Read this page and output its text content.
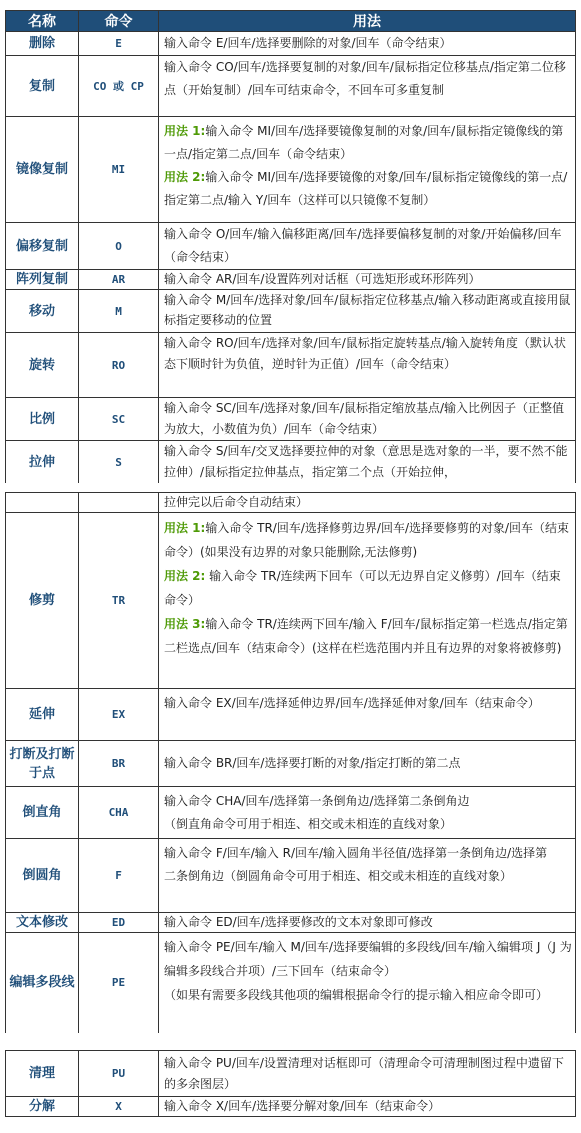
名称	命令	用法
删除	E	输入命令 E/回车/选择要删除的对象/回车（命令结束）

复制	CO 或 CP	输入命令 CO/回车/选择要复制的对象/回车/鼠标指定位移基点/指定第二位移点（开始复制）/回车可结束命令，不回车可多重复制

镜像复制	MI	用法 1:输入命令 MI/回车/选择要镜像复制的对象/回车/鼠标指定镜像线的第一点/指定第二点/回车（命令结束）
用法 2:输入命令 MI/回车/选择要镜像的对象/回车/鼠标指定镜像线的第一点/指定第二点/输入 Y/回车（这样可以只镜像不复制）

偏移复制	O	输入命令 O/回车/输入偏移距离/回车/选择要偏移复制的对象/开始偏移/回车（命令结束）

阵列复制	AR	输入命令 AR/回车/设置阵列对话框（可选矩形或环形阵列）

移动	M	输入命令 M/回车/选择对象/回车/鼠标指定位移基点/输入移动距离或直接用鼠标指定要移动的位置

旋转	RO	输入命令 RO/回车/选择对象/回车/鼠标指定旋转基点/输入旋转角度（默认状态下顺时针为负值，逆时针为正值）/回车（命令结束）

比例	SC	输入命令 SC/回车/选择对象/回车/鼠标指定缩放基点/输入比例因子（正整值为放大，小数值为负）/回车（命令结束）

拉伸	S	输入命令 S/回车/交叉选择要拉伸的对象（意思是选对象的一半，要不然不能拉伸）/鼠标指定拉伸基点，指定第二个点（开始拉伸，

		拉伸完以后命令自动结束）

修剪	TR	用法 1:输入命令 TR/回车/选择修剪边界/回车/选择要修剪的对象/回车（结束命令）(如果没有边界的对象只能删除,无法修剪)
用法 2: 输入命令 TR/连续两下回车（可以无边界自定义修剪）/回车（结束命令）
用法 3:输入命令 TR/连续两下回车/输入 F/回车/鼠标指定第一栏选点/指定第二栏选点/回车（结束命令）(这样在栏选范围内并且有边界的对象将被修剪)

延伸	EX	输入命令 EX/回车/选择延伸边界/回车/选择延伸对象/回车（结束命令）

打断及打断于点	BR	输入命令 BR/回车/选择要打断的对象/指定打断的第二点

倒直角	CHA	输入命令 CHA/回车/选择第一条倒角边/选择第二条倒角边
（倒直角命令可用于相连、相交或未相连的直线对象）

倒圆角	F	输入命令 F/回车/输入 R/回车/输入圆角半径值/选择第一条倒角边/选择第
二条倒角边（倒圆角命令可用于相连、相交或未相连的直线对象）

文本修改	ED	输入命令 ED/回车/选择要修改的文本对象即可修改

编辑多段线	PE	输入命令 PE/回车/输入 M/回车/选择要编辑的多段线/回车/输入编辑项 J（J 为编辑多段线合并项）/三下回车（结束命令）
（如果有需要多段线其他项的编辑根据命令行的提示输入相应命令即可）
清理	PU	输入命令 PU/回车/设置清理对话框即可（清理命令可清理制图过程中遗留下的多余图层）

分解	X	输入命令 X/回车/选择要分解对象/回车（结束命令）
